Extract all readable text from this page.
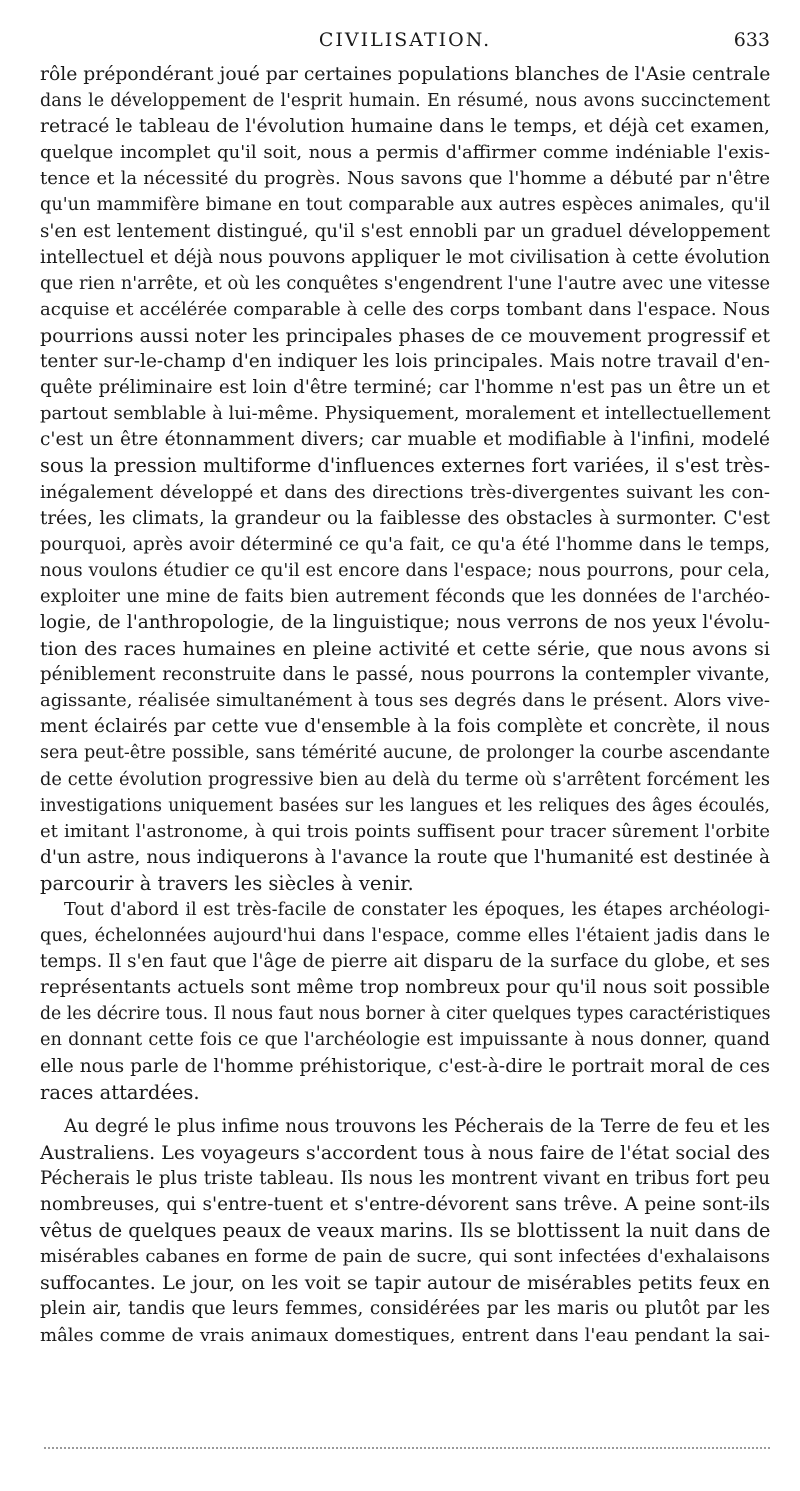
CIVILISATION.	633
rôle prépondérant joué par certaines populations blanches de l'Asie centrale
dans le développement de l'esprit humain. En résumé, nous avons succinctement
retracé le tableau de l'évolution humaine dans le temps, et déjà cet examen,
quelque incomplet qu'il soit, nous a permis d'affirmer comme indéniable l'exis-
tence et la nécessité du progrès. Nous savons que l'homme a débuté par n'être
qu'un mammifère bimane en tout comparable aux autres espèces animales, qu'il
s'en est lentement distingué, qu'il s'est ennobli par un graduel développement
intellectuel et déjà nous pouvons appliquer le mot civilisation à cette évolution
que rien n'arrête, et où les conquêtes s'engendrent l'une l'autre avec une vitesse
acquise et accélérée comparable à celle des corps tombant dans l'espace. Nous
pourrions aussi noter les principales phases de ce mouvement progressif et
tenter sur-le-champ d'en indiquer les lois principales. Mais notre travail d'en-
quête préliminaire est loin d'être terminé; car l'homme n'est pas un être un et
partout semblable à lui-même. Physiquement, moralement et intellectuellement
c'est un être étonnamment divers; car muable et modifiable à l'infini, modelé
sous la pression multiforme d'influences externes fort variées, il s'est très-
inégalement développé et dans des directions très-divergentes suivant les con-
trées, les climats, la grandeur ou la faiblesse des obstacles à surmonter. C'est
pourquoi, après avoir déterminé ce qu'a fait, ce qu'a été l'homme dans le temps,
nous voulons étudier ce qu'il est encore dans l'espace; nous pourrons, pour cela,
exploiter une mine de faits bien autrement féconds que les données de l'archéo-
logie, de l'anthropologie, de la linguistique; nous verrons de nos yeux l'évolu-
tion des races humaines en pleine activité et cette série, que nous avons si
péniblement reconstruite dans le passé, nous pourrons la contempler vivante,
agissante, réalisée simultanément à tous ses degrés dans le présent. Alors vive-
ment éclairés par cette vue d'ensemble à la fois complète et concrète, il nous
sera peut-être possible, sans témérité aucune, de prolonger la courbe ascendante
de cette évolution progressive bien au delà du terme où s'arrêtent forcément les
investigations uniquement basées sur les langues et les reliques des âges écoulés,
et imitant l'astronome, à qui trois points suffisent pour tracer sûrement l'orbite
d'un astre, nous indiquerons à l'avance la route que l'humanité est destinée à
parcourir à travers les siècles à venir.
Tout d'abord il est très-facile de constater les époques, les étapes archéologi-
ques, échelonnées aujourd'hui dans l'espace, comme elles l'étaient jadis dans le
temps. Il s'en faut que l'âge de pierre ait disparu de la surface du globe, et ses
représentants actuels sont même trop nombreux pour qu'il nous soit possible
de les décrire tous. Il nous faut nous borner à citer quelques types caractéristiques
en donnant cette fois ce que l'archéologie est impuissante à nous donner, quand
elle nous parle de l'homme préhistorique, c'est-à-dire le portrait moral de ces
races attardées.
Au degré le plus infime nous trouvons les Pécherais de la Terre de feu et les
Australiens. Les voyageurs s'accordent tous à nous faire de l'état social des
Pécherais le plus triste tableau. Ils nous les montrent vivant en tribus fort peu
nombreuses, qui s'entre-tuent et s'entre-dévorent sans trêve. A peine sont-ils
vêtus de quelques peaux de veaux marins. Ils se blottissent la nuit dans de
misérables cabanes en forme de pain de sucre, qui sont infectées d'exhalaisons
suffocantes. Le jour, on les voit se tapir autour de misérables petits feux en
plein air, tandis que leurs femmes, considérées par les maris ou plutôt par les
mâles comme de vrais animaux domestiques, entrent dans l'eau pendant la sai-
